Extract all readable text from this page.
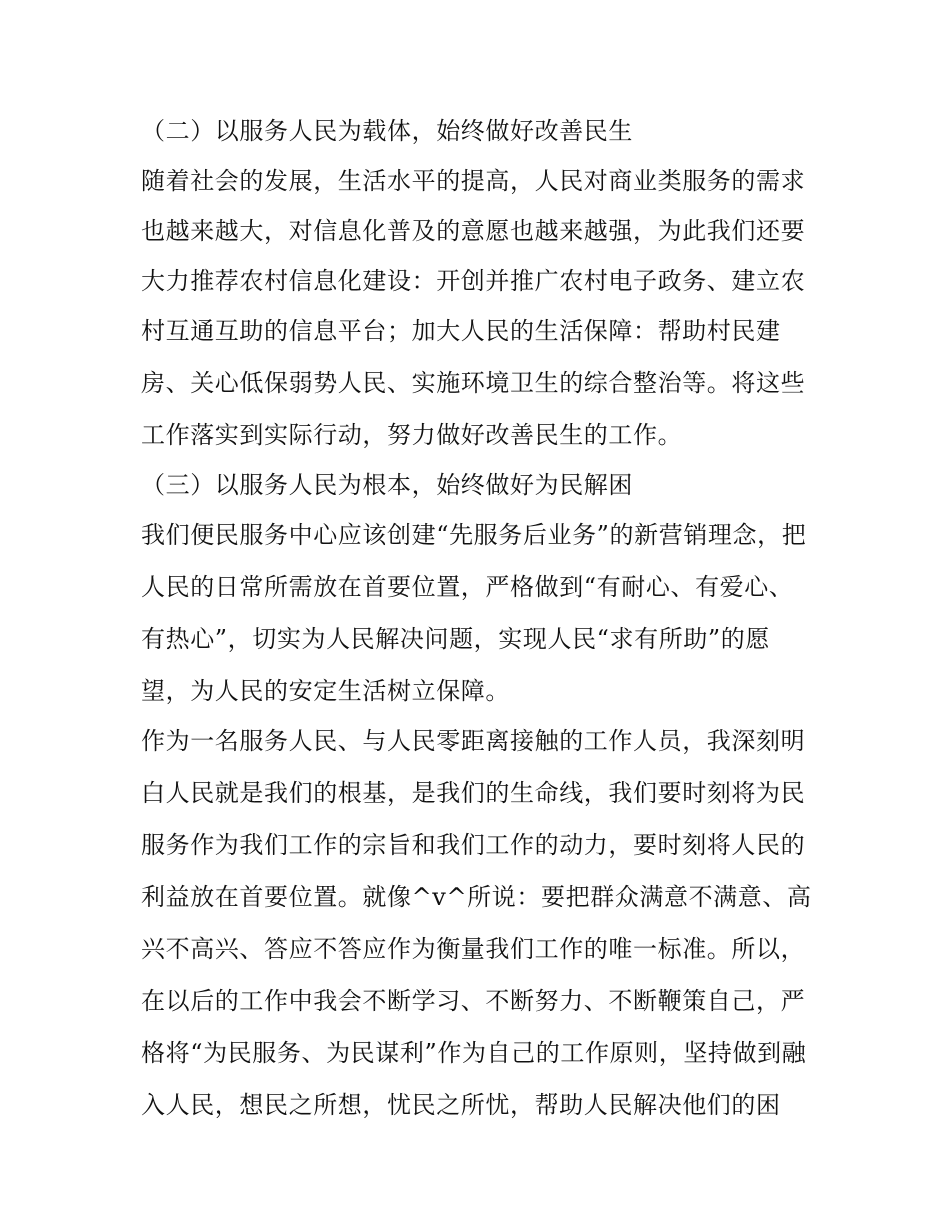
（二）以服务人民为载体，始终做好改善民生
随着社会的发展，生活水平的提高，人民对商业类服务的需求
也越来越大，对信息化普及的意愿也越来越强，为此我们还要
大力推荐农村信息化建设：开创并推广农村电子政务、建立农
村互通互助的信息平台；加大人民的生活保障：帮助村民建
房、关心低保弱势人民、实施环境卫生的综合整治等。将这些
工作落实到实际行动，努力做好改善民生的工作。
（三）以服务人民为根本，始终做好为民解困
我们便民服务中心应该创建“先服务后业务”的新营销理念，把
人民的日常所需放在首要位置，严格做到“有耐心、有爱心、
有热心”，切实为人民解决问题，实现人民“求有所助”的愿
望，为人民的安定生活树立保障。
作为一名服务人民、与人民零距离接触的工作人员，我深刻明
白人民就是我们的根基，是我们的生命线，我们要时刻将为民
服务作为我们工作的宗旨和我们工作的动力，要时刻将人民的
利益放在首要位置。就像^v^所说：要把群众满意不满意、高
兴不高兴、答应不答应作为衡量我们工作的唯一标准。所以，
在以后的工作中我会不断学习、不断努力、不断鞭策自己，严
格将“为民服务、为民谋利”作为自己的工作原则，坚持做到融
入人民，想民之所想，忧民之所忧，帮助人民解决他们的困
